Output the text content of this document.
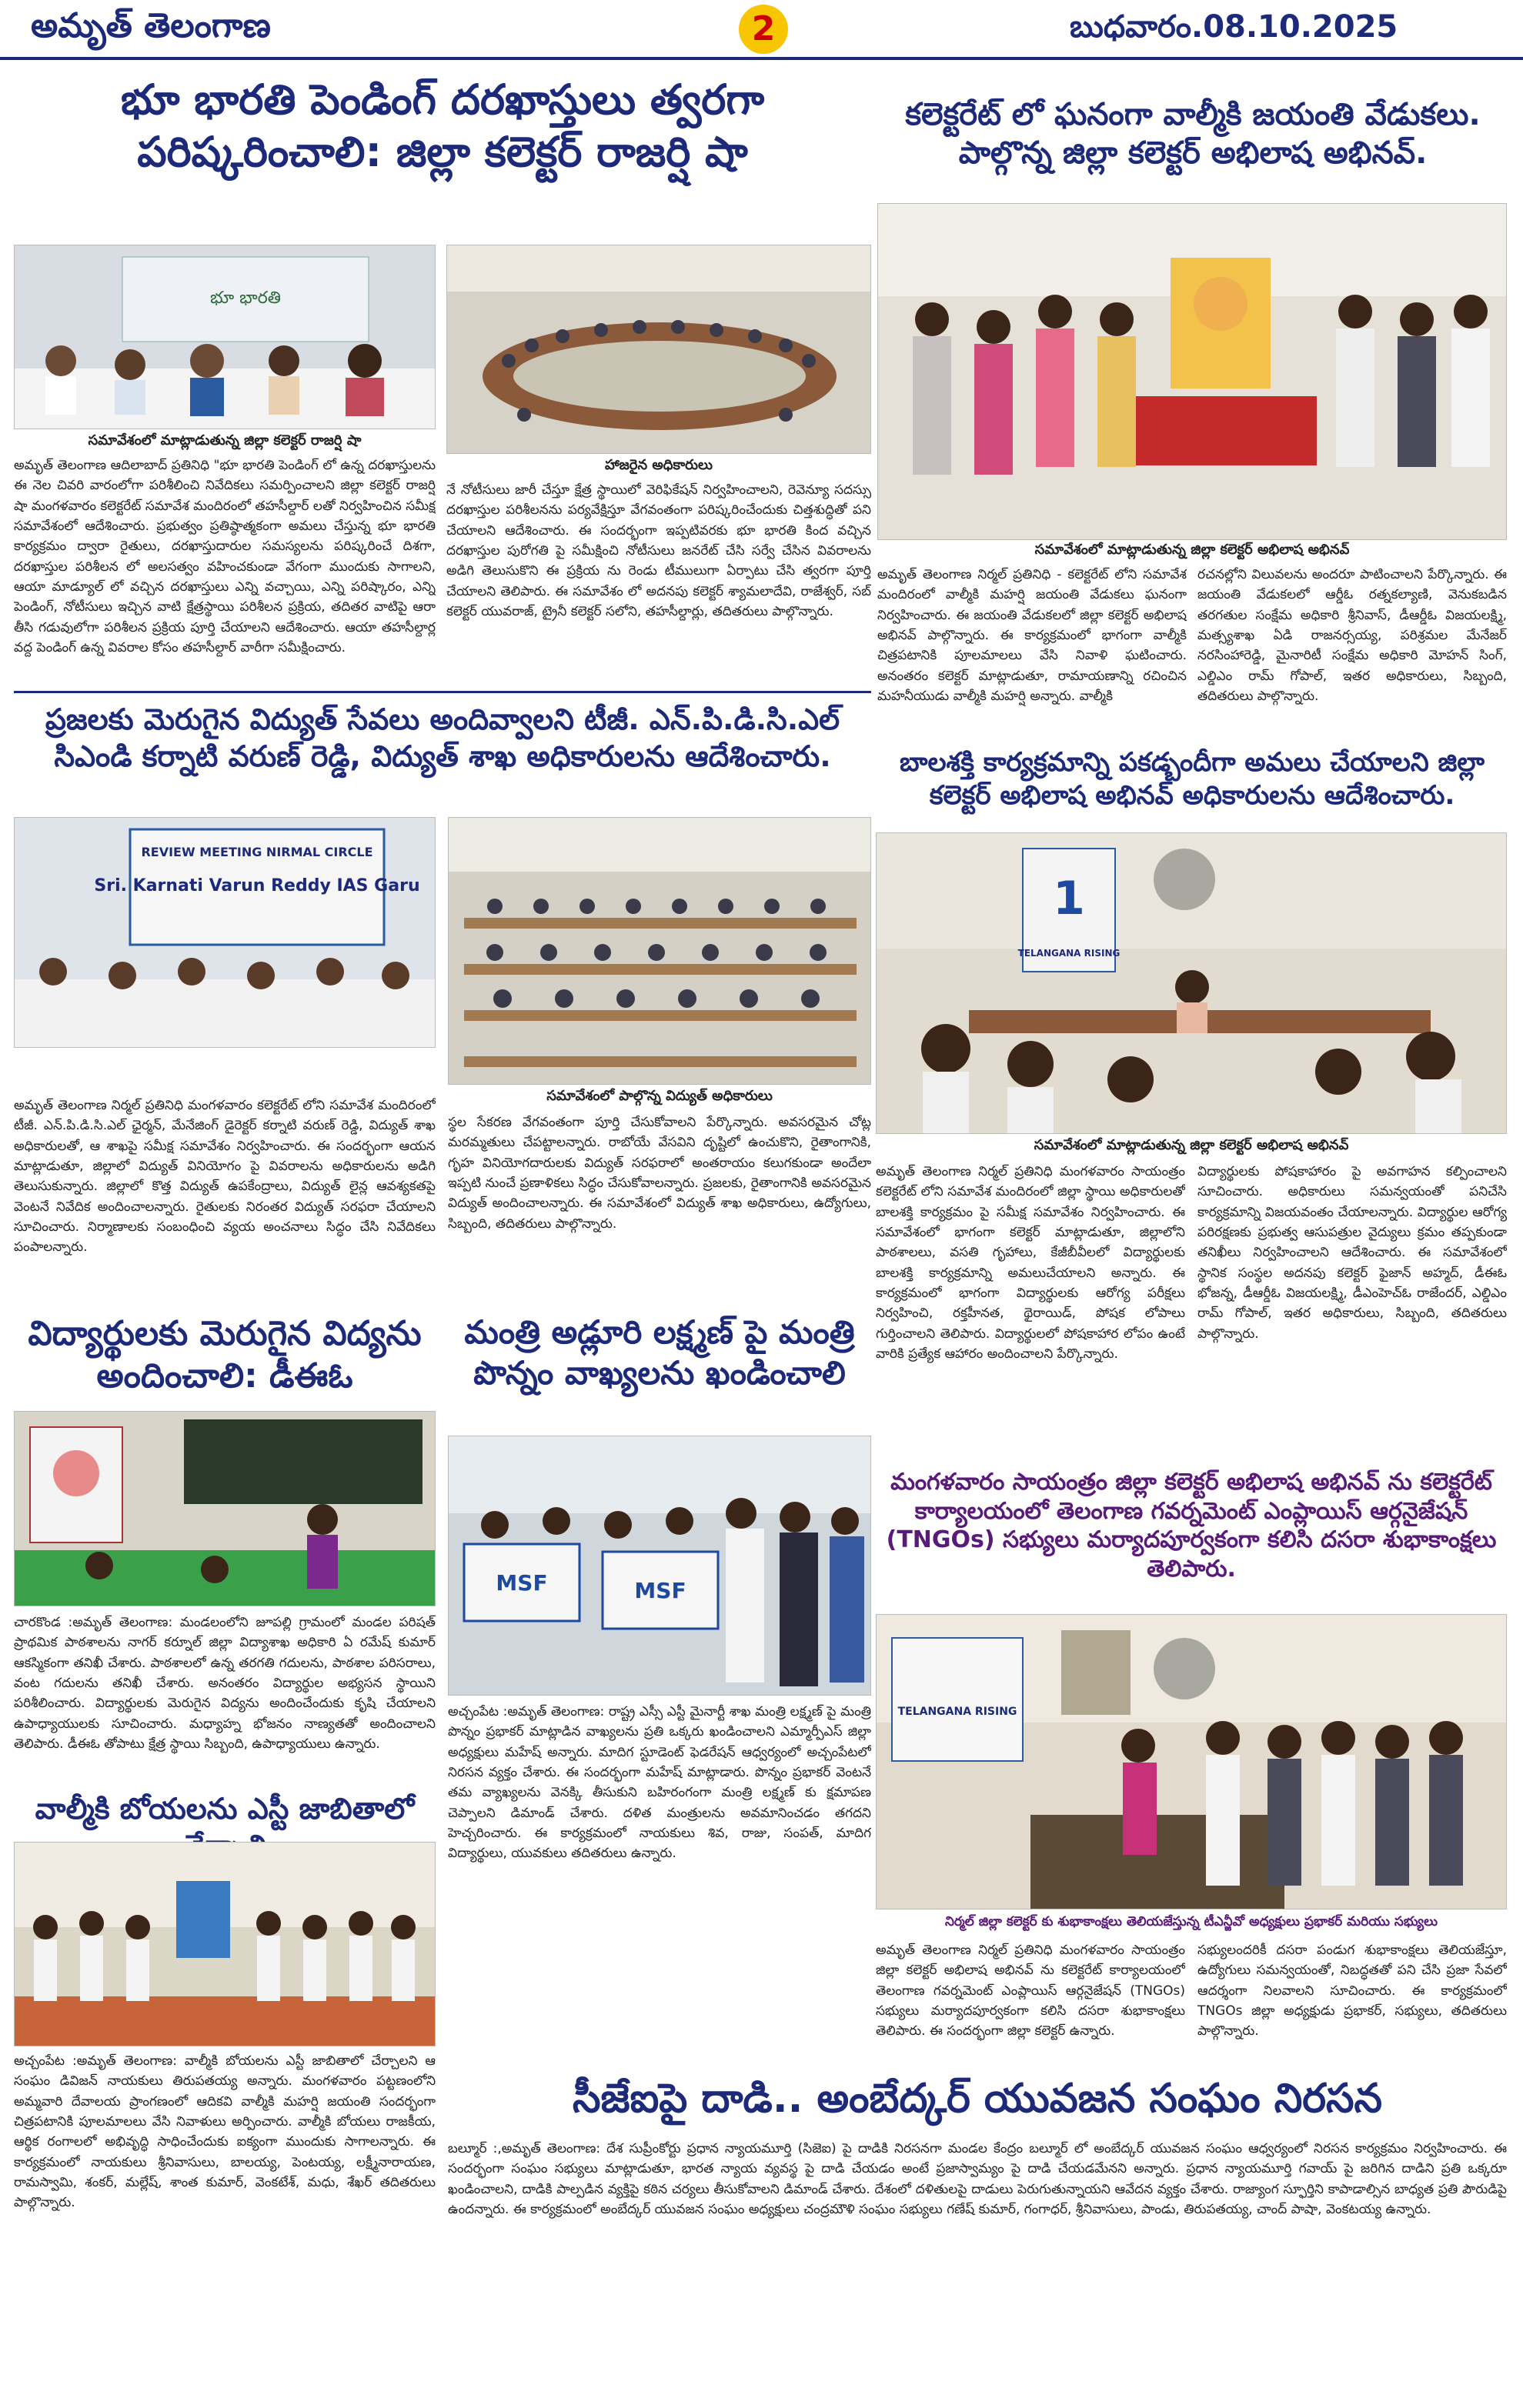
అమృత్ తెలంగాణ	2	బుధవారం.08.10.2025
భూ భారతి పెండింగ్ దరఖాస్తులు త్వరగా పరిష్కరించాలి: జిల్లా కలెక్టర్ రాజర్షి షా
భూ భారతి
సమావేశంలో మాట్లాడుతున్న జిల్లా కలెక్టర్ రాజర్షి షా
హాజరైన అధికారులు
అమృత్ తెలంగాణ ఆదిలాబాద్ ప్రతినిధి "భూ భారతి పెండింగ్ లో ఉన్న దరఖాస్తులను ఈ నెల చివరి వారంలోగా పరిశీలించి నివేదికలు సమర్పించాలని జిల్లా కలెక్టర్ రాజర్షి షా మంగళవారం కలెక్టరేట్ సమావేశ మందిరంలో తహసీల్దార్ లతో నిర్వహించిన సమీక్ష సమావేశంలో ఆదేశించారు. ప్రభుత్వం ప్రతిష్ఠాత్మకంగా అమలు చేస్తున్న భూ భారతి కార్యక్రమం ద్వారా రైతులు, దరఖాస్తుదారుల సమస్యలను పరిష్కరించే దిశగా, దరఖాస్తుల పరిశీలన లో అలసత్వం వహించకుండా వేగంగా ముందుకు సాగాలని, ఆయా మాడ్యూల్ లో వచ్చిన దరఖాస్తులు ఎన్ని వచ్చాయి, ఎన్ని పరిష్కారం, ఎన్ని పెండింగ్, నోటీసులు ఇచ్చిన వాటి క్షేత్రస్థాయి పరిశీలన ప్రక్రియ, తదితర వాటిపై ఆరా తీసి గడువులోగా పరిశీలన ప్రక్రియ పూర్తి చేయాలని ఆదేశించారు. ఆయా తహసీల్దార్ల వద్ద పెండింగ్ ఉన్న వివరాల కోసం తహసీల్దార్ వారీగా సమీక్షించారు.
నే నోటీసులు జారీ చేస్తూ క్షేత్ర స్థాయిలో వెరిఫికేషన్ నిర్వహించాలని, రెవెన్యూ సదస్సు దరఖాస్తుల పరిశీలనను పర్యవేక్షిస్తూ వేగవంతంగా పరిష్కరించేందుకు చిత్తశుద్ధితో పని చేయాలని ఆదేశించారు. ఈ సందర్భంగా ఇప్పటివరకు భూ భారతి కింద వచ్చిన దరఖాస్తుల పురోగతి పై సమీక్షించి నోటీసులు జనరేట్ చేసి సర్వే చేసిన వివరాలను అడిగి తెలుసుకొని ఈ ప్రక్రియ ను రెండు టీములుగా ఏర్పాటు చేసి త్వరగా పూర్తి చేయాలని తెలిపారు. ఈ సమావేశం లో అదనపు కలెక్టర్ శ్యామలాదేవి, రాజేశ్వర్, సబ్ కలెక్టర్ యువరాజ్, ట్రైనీ కలెక్టర్ సలోని, తహసీల్దార్లు, తదితరులు పాల్గొన్నారు.
కలెక్టరేట్ లో ఘనంగా వాల్మీకి జయంతి వేడుకలు. పాల్గొన్న జిల్లా కలెక్టర్ అభిలాష అభినవ్.
సమావేశంలో మాట్లాడుతున్న జిల్లా కలెక్టర్ అభిలాష అభినవ్
అమృత్ తెలంగాణ నిర్మల్ ప్రతినిధి - కలెక్టరేట్ లోని సమావేశ మందిరంలో వాల్మీకి మహర్షి జయంతి వేడుకలు ఘనంగా నిర్వహించారు. ఈ జయంతి వేడుకలలో జిల్లా కలెక్టర్ అభిలాష అభినవ్ పాల్గొన్నారు. ఈ కార్యక్రమంలో భాగంగా వాల్మీకి చిత్రపటానికి పూలమాలలు వేసి నివాళి ఘటించారు. అనంతరం కలెక్టర్ మాట్లాడుతూ, రామాయణాన్ని రచించిన మహనీయుడు వాల్మీకి మహర్షి అన్నారు. వాల్మీకి
రచనల్లోని విలువలను అందరూ పాటించాలని పేర్కొన్నారు. ఈ జయంతి వేడుకలలో ఆర్డీఓ రత్నకల్యాణి, వెనుకబడిన తరగతుల సంక్షేమ అధికారి శ్రీనివాస్, డీఆర్డీఓ విజయలక్ష్మి, మత్స్యశాఖ ఏడి రాజనర్సయ్య, పరిశ్రమల మేనేజర్ నరసింహారెడ్డి, మైనారిటీ సంక్షేమ అధికారి మోహన్ సింగ్, ఎల్డిఎం రామ్ గోపాల్, ఇతర అధికారులు, సిబ్బంది, తదితరులు పాల్గొన్నారు.
ప్రజలకు మెరుగైన విద్యుత్ సేవలు అందివ్వాలని టీజీ. ఎన్.పి.డి.సి.ఎల్ సిఎండి కర్నాటి వరుణ్ రెడ్డి, విద్యుత్ శాఖ అధికారులను ఆదేశించారు.
REVIEW MEETING NIRMAL CIRCLE
Sri. Karnati Varun Reddy IAS Garu
సమావేశంలో పాల్గొన్న విద్యుత్ అధికారులు
అమృత్ తెలంగాణ నిర్మల్ ప్రతినిధి మంగళవారం కలెక్టరేట్ లోని సమావేశ మందిరంలో టీజీ. ఎన్.పి.డి.సి.ఎల్ ఛైర్మన్, మేనేజింగ్ డైరెక్టర్ కర్నాటి వరుణ్ రెడ్డి, విద్యుత్ శాఖ అధికారులతో, ఆ శాఖపై సమీక్ష సమావేశం నిర్వహించారు. ఈ సందర్భంగా ఆయన మాట్లాడుతూ, జిల్లాలో విద్యుత్ వినియోగం పై వివరాలను అధికారులను అడిగి తెలుసుకున్నారు. జిల్లాలో కొత్త విద్యుత్ ఉపకేంద్రాలు, విద్యుత్ లైన్ల ఆవశ్యకతపై వెంటనే నివేదిక అందించాలన్నారు. రైతులకు నిరంతర విద్యుత్ సరఫరా చేయాలని సూచించారు. నిర్మాణాలకు సంబంధించి వ్యయ అంచనాలు సిద్ధం చేసి నివేదికలు పంపాలన్నారు.
స్థల సేకరణ వేగవంతంగా పూర్తి చేసుకోవాలని పేర్కొన్నారు. అవసరమైన చోట్ల మరమ్మతులు చేపట్టాలన్నారు. రాబోయే వేసవిని దృష్టిలో ఉంచుకొని, రైతాంగానికి, గృహ వినియోగదారులకు విద్యుత్ సరఫరాలో అంతరాయం కలుగకుండా అందేలా ఇప్పటి నుంచే ప్రణాళికలు సిద్ధం చేసుకోవాలన్నారు. ప్రజలకు, రైతాంగానికి అవసరమైన విద్యుత్ అందించాలన్నారు. ఈ సమావేశంలో విద్యుత్ శాఖ అధికారులు, ఉద్యోగులు, సిబ్బంది, తదితరులు పాల్గొన్నారు.
బాలశక్తి కార్యక్రమాన్ని పకడ్బందీగా అమలు చేయాలని జిల్లా కలెక్టర్ అభిలాష అభినవ్ అధికారులను ఆదేశించారు.
1
TELANGANA RISING
సమావేశంలో మాట్లాడుతున్న జిల్లా కలెక్టర్ అభిలాష అభినవ్
అమృత్ తెలంగాణ నిర్మల్ ప్రతినిధి మంగళవారం సాయంత్రం కలెక్టరేట్ లోని సమావేశ మందిరంలో జిల్లా స్థాయి అధికారులతో బాలశక్తి కార్యక్రమం పై సమీక్ష సమావేశం నిర్వహించారు. ఈ సమావేశంలో భాగంగా కలెక్టర్ మాట్లాడుతూ, జిల్లాలోని పాఠశాలలు, వసతి గృహాలు, కేజీబీవీలలో విద్యార్థులకు బాలశక్తి కార్యక్రమాన్ని అమలుచేయాలని అన్నారు. ఈ కార్యక్రమంలో భాగంగా విద్యార్థులకు ఆరోగ్య పరీక్షలు నిర్వహించి, రక్తహీనత, థైరాయిడ్, పోషక లోపాలు గుర్తించాలని తెలిపారు. విద్యార్థులలో పోషకాహార లోపం ఉంటే వారికి ప్రత్యేక ఆహారం అందించాలని పేర్కొన్నారు.
విద్యార్థులకు పోషకాహారం పై అవగాహన కల్పించాలని సూచించారు. అధికారులు సమన్వయంతో పనిచేసి కార్యక్రమాన్ని విజయవంతం చేయాలన్నారు. విద్యార్థుల ఆరోగ్య పరిరక్షణకు ప్రభుత్వ ఆసుపత్రుల వైద్యులు క్రమం తప్పకుండా తనిఖీలు నిర్వహించాలని ఆదేశించారు. ఈ సమావేశంలో స్థానిక సంస్థల అదనపు కలెక్టర్ ఫైజాన్ అహ్మద్, డీఈఓ భోజన్న, డీఆర్డీఓ విజయలక్ష్మి, డీఎంహెచ్ఓ రాజేందర్, ఎల్డిఎం రామ్ గోపాల్, ఇతర అధికారులు, సిబ్బంది, తదితరులు పాల్గొన్నారు.
విద్యార్థులకు మెరుగైన విద్యను అందించాలి: డీఈఓ
చారకొండ :అమృత్ తెలంగాణ: మండలంలోని జూపల్లి గ్రామంలో మండల పరిషత్ ప్రాథమిక పాఠశాలను నాగర్ కర్నూల్ జిల్లా విద్యాశాఖ అధికారి ఏ రమేష్ కుమార్ ఆకస్మికంగా తనిఖీ చేశారు. పాఠశాలలో ఉన్న తరగతి గదులను, పాఠశాల పరిసరాలు, వంట గదులను తనిఖీ చేశారు. అనంతరం విద్యార్థుల అభ్యసన స్థాయిని పరిశీలించారు. విద్యార్థులకు మెరుగైన విద్యను అందించేందుకు కృషి చేయాలని ఉపాధ్యాయులకు సూచించారు. మధ్యాహ్న భోజనం నాణ్యతతో అందించాలని తెలిపారు. డీఈఓ తోపాటు క్షేత్ర స్థాయి సిబ్బంది, ఉపాధ్యాయులు ఉన్నారు.
వాల్మీకి బోయలను ఎస్టీ జాబితాలో
అచ్చంపేట :అమృత్ తెలంగాణ: వాల్మీకి బోయలను ఎస్టీ జాబితాలో చేర్చాలని ఆ సంఘం డివిజన్ నాయకులు తిరుపతయ్య అన్నారు. మంగళవారం పట్టణంలోని అమ్మవారి దేవాలయ ప్రాంగణంలో ఆదికవి వాల్మీకి మహర్షి జయంతి సందర్భంగా చిత్రపటానికి పూలమాలలు వేసి నివాళులు అర్పించారు. వాల్మీకి బోయలు రాజకీయ, ఆర్థిక రంగాలలో అభివృద్ధి సాధించేందుకు ఐక్యంగా ముందుకు సాగాలన్నారు. ఈ కార్యక్రమంలో నాయకులు శ్రీనివాసులు, బాలయ్య, పెంటయ్య, లక్ష్మీనారాయణ, రామస్వామి, శంకర్, మల్లేష్, శాంత కుమార్, వెంకటేశ్, మధు, శేఖర్ తదితరులు పాల్గొన్నారు.
మంత్రి అడ్లూరి లక్ష్మణ్ పై మంత్రి పొన్నం వాఖ్యలను ఖండించాలి
MSF	MSF
అచ్చంపేట :అమృత్ తెలంగాణ: రాష్ట్ర ఎస్సీ ఎస్టీ మైనార్టీ శాఖ మంత్రి లక్ష్మణ్ పై మంత్రి పొన్నం ప్రభాకర్ మాట్లాడిన వాఖ్యలను ప్రతి ఒక్కరు ఖండించాలని ఎమ్మార్పీఎస్ జిల్లా అధ్యక్షులు మహేష్ అన్నారు. మాదిగ స్టూడెంట్ ఫెడరేషన్ ఆధ్వర్యంలో అచ్చంపేటలో నిరసన వ్యక్తం చేశారు. ఈ సందర్భంగా మహేష్ మాట్లాడారు. పొన్నం ప్రభాకర్ వెంటనే తమ వ్యాఖ్యలను వెనక్కి తీసుకుని బహిరంగంగా మంత్రి లక్ష్మణ్ కు క్షమాపణ చెప్పాలని డిమాండ్ చేశారు. దళిత మంత్రులను అవమానించడం తగదని హెచ్చరించారు. ఈ కార్యక్రమంలో నాయకులు శివ, రాజు, సంపత్, మాదిగ విద్యార్థులు, యువకులు తదితరులు ఉన్నారు.
మంగళవారం సాయంత్రం జిల్లా కలెక్టర్ అభిలాష అభినవ్ ను కలెక్టరేట్ కార్యాలయంలో తెలంగాణ గవర్నమెంట్ ఎంప్లాయిస్ ఆర్గనైజేషన్ (TNGOs) సభ్యులు మర్యాదపూర్వకంగా కలిసి దసరా శుభాకాంక్షలు తెలిపారు.
TELANGANA RISING
నిర్మల్ జిల్లా కలెక్టర్ కు శుభాకాంక్షలు తెలియజేస్తున్న టీఎన్జీవో అధ్యక్షులు ప్రభాకర్ మరియు సభ్యులు
అమృత్ తెలంగాణ నిర్మల్ ప్రతినిధి మంగళవారం సాయంత్రం జిల్లా కలెక్టర్ అభిలాష అభినవ్ ను కలెక్టరేట్ కార్యాలయంలో తెలంగాణ గవర్నమెంట్ ఎంప్లాయిస్ ఆర్గనైజేషన్ (TNGOs) సభ్యులు మర్యాదపూర్వకంగా కలిసి దసరా శుభాకాంక్షలు తెలిపారు. ఈ సందర్భంగా జిల్లా కలెక్టర్ ఉన్నారు.
సభ్యులందరికీ దసరా పండుగ శుభాకాంక్షలు తెలియజేస్తూ, ఉద్యోగులు సమన్వయంతో, నిబద్ధతతో పని చేసి ప్రజా సేవలో ఆదర్శంగా నిలవాలని సూచించారు. ఈ కార్యక్రమంలో TNGOs జిల్లా అధ్యక్షుడు ప్రభాకర్, సభ్యులు, తదితరులు పాల్గొన్నారు.
సీజేఐపై దాడి.. అంబేద్కర్ యువజన సంఘం నిరసన
బల్మూర్ :,అమృత్ తెలంగాణ: దేశ సుప్రీంకోర్టు ప్రధాన న్యాయమూర్తి (సిజెఐ) పై దాడికి నిరసనగా మండల కేంద్రం బల్మూర్ లో అంబేద్కర్ యువజన సంఘం ఆధ్వర్యంలో నిరసన కార్యక్రమం నిర్వహించారు. ఈ సందర్భంగా సంఘం సభ్యులు మాట్లాడుతూ, భారత న్యాయ వ్యవస్థ పై దాడి చేయడం అంటే ప్రజాస్వామ్యం పై దాడి చేయడమేనని అన్నారు. ప్రధాన న్యాయమూర్తి గవాయ్ పై జరిగిన దాడిని ప్రతి ఒక్కరూ ఖండించాలని, దాడికి పాల్పడిన వ్యక్తిపై కఠిన చర్యలు తీసుకోవాలని డిమాండ్ చేశారు. దేశంలో దళితులపై దాడులు పెరుగుతున్నాయని ఆవేదన వ్యక్తం చేశారు. రాజ్యాంగ స్ఫూర్తిని కాపాడాల్సిన బాధ్యత ప్రతి పౌరుడిపై ఉందన్నారు. ఈ కార్యక్రమంలో అంబేద్కర్ యువజన సంఘం అధ్యక్షులు చంద్రమౌళి సంఘం సభ్యులు గణేష్ కుమార్, గంగాధర్, శ్రీనివాసులు, పాండు, తిరుపతయ్య, చాంద్ పాషా, వెంకటయ్య ఉన్నారు.
